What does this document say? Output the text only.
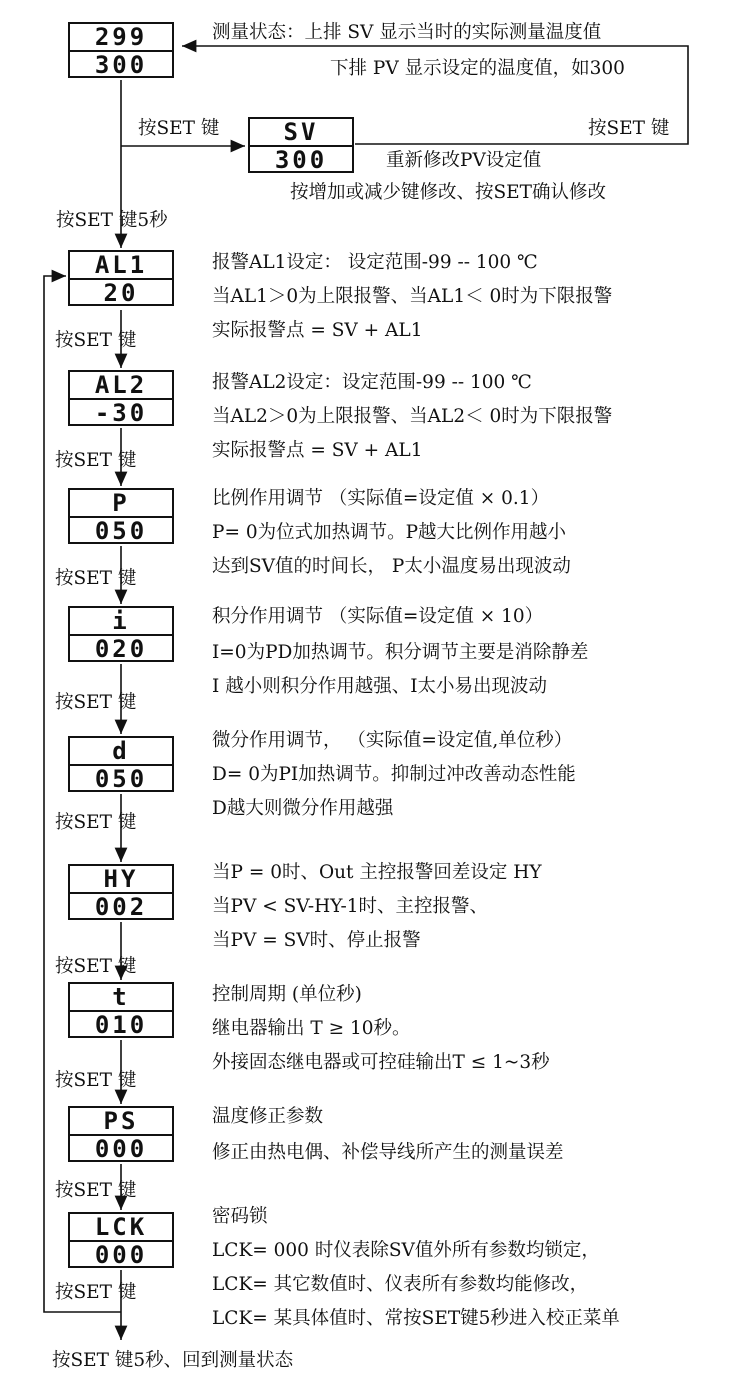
299
300
测量状态：上排 SV 显示当时的实际测量温度值
下排 PV 显示设定的温度值，如300
按SET 键	按SET 键
SV
300	重新修改PV设定值
按增加或减少键修改、按SET确认修改
按SET 键5秒
AL1
20
报警AL1设定： 设定范围-99 -- 100 ℃
当AL1＞0为上限报警、当AL1＜ 0时为下限报警
实际报警点 = SV + AL1
按SET 键
AL2
-30
报警AL2设定：设定范围-99 -- 100 ℃
当AL2＞0为上限报警、当AL2＜ 0时为下限报警
实际报警点 = SV + AL1
按SET 键
P
050
比例作用调节 （实际值=设定值 × 0.1）
P= 0为位式加热调节。P越大比例作用越小
达到SV值的时间长， P太小温度易出现波动
按SET 键
i
020
积分作用调节 （实际值=设定值 × 10）
I=0为PD加热调节。积分调节主要是消除静差
I 越小则积分作用越强、I太小易出现波动
按SET 键
d
050
微分作用调节， （实际值=设定值,单位秒）
D= 0为PI加热调节。抑制过冲改善动态性能
D越大则微分作用越强
按SET 键
HY
002
当P = 0时、Out 主控报警回差设定 HY
当PV < SV-HY-1时、主控报警、
当PV = SV时、停止报警
按SET 键
t
010
控制周期 (单位秒)
继电器输出 T ≥ 10秒。
外接固态继电器或可控硅输出T ≤ 1~3秒
按SET 键
PS
000
温度修正参数
修正由热电偶、补偿导线所产生的测量误差
按SET 键
LCK
000
密码锁
LCK= 000 时仪表除SV值外所有参数均锁定，
LCK= 其它数值时、仪表所有参数均能修改，
LCK= 某具体值时、常按SET键5秒进入校正菜单
按SET 键
按SET 键5秒、回到测量状态
